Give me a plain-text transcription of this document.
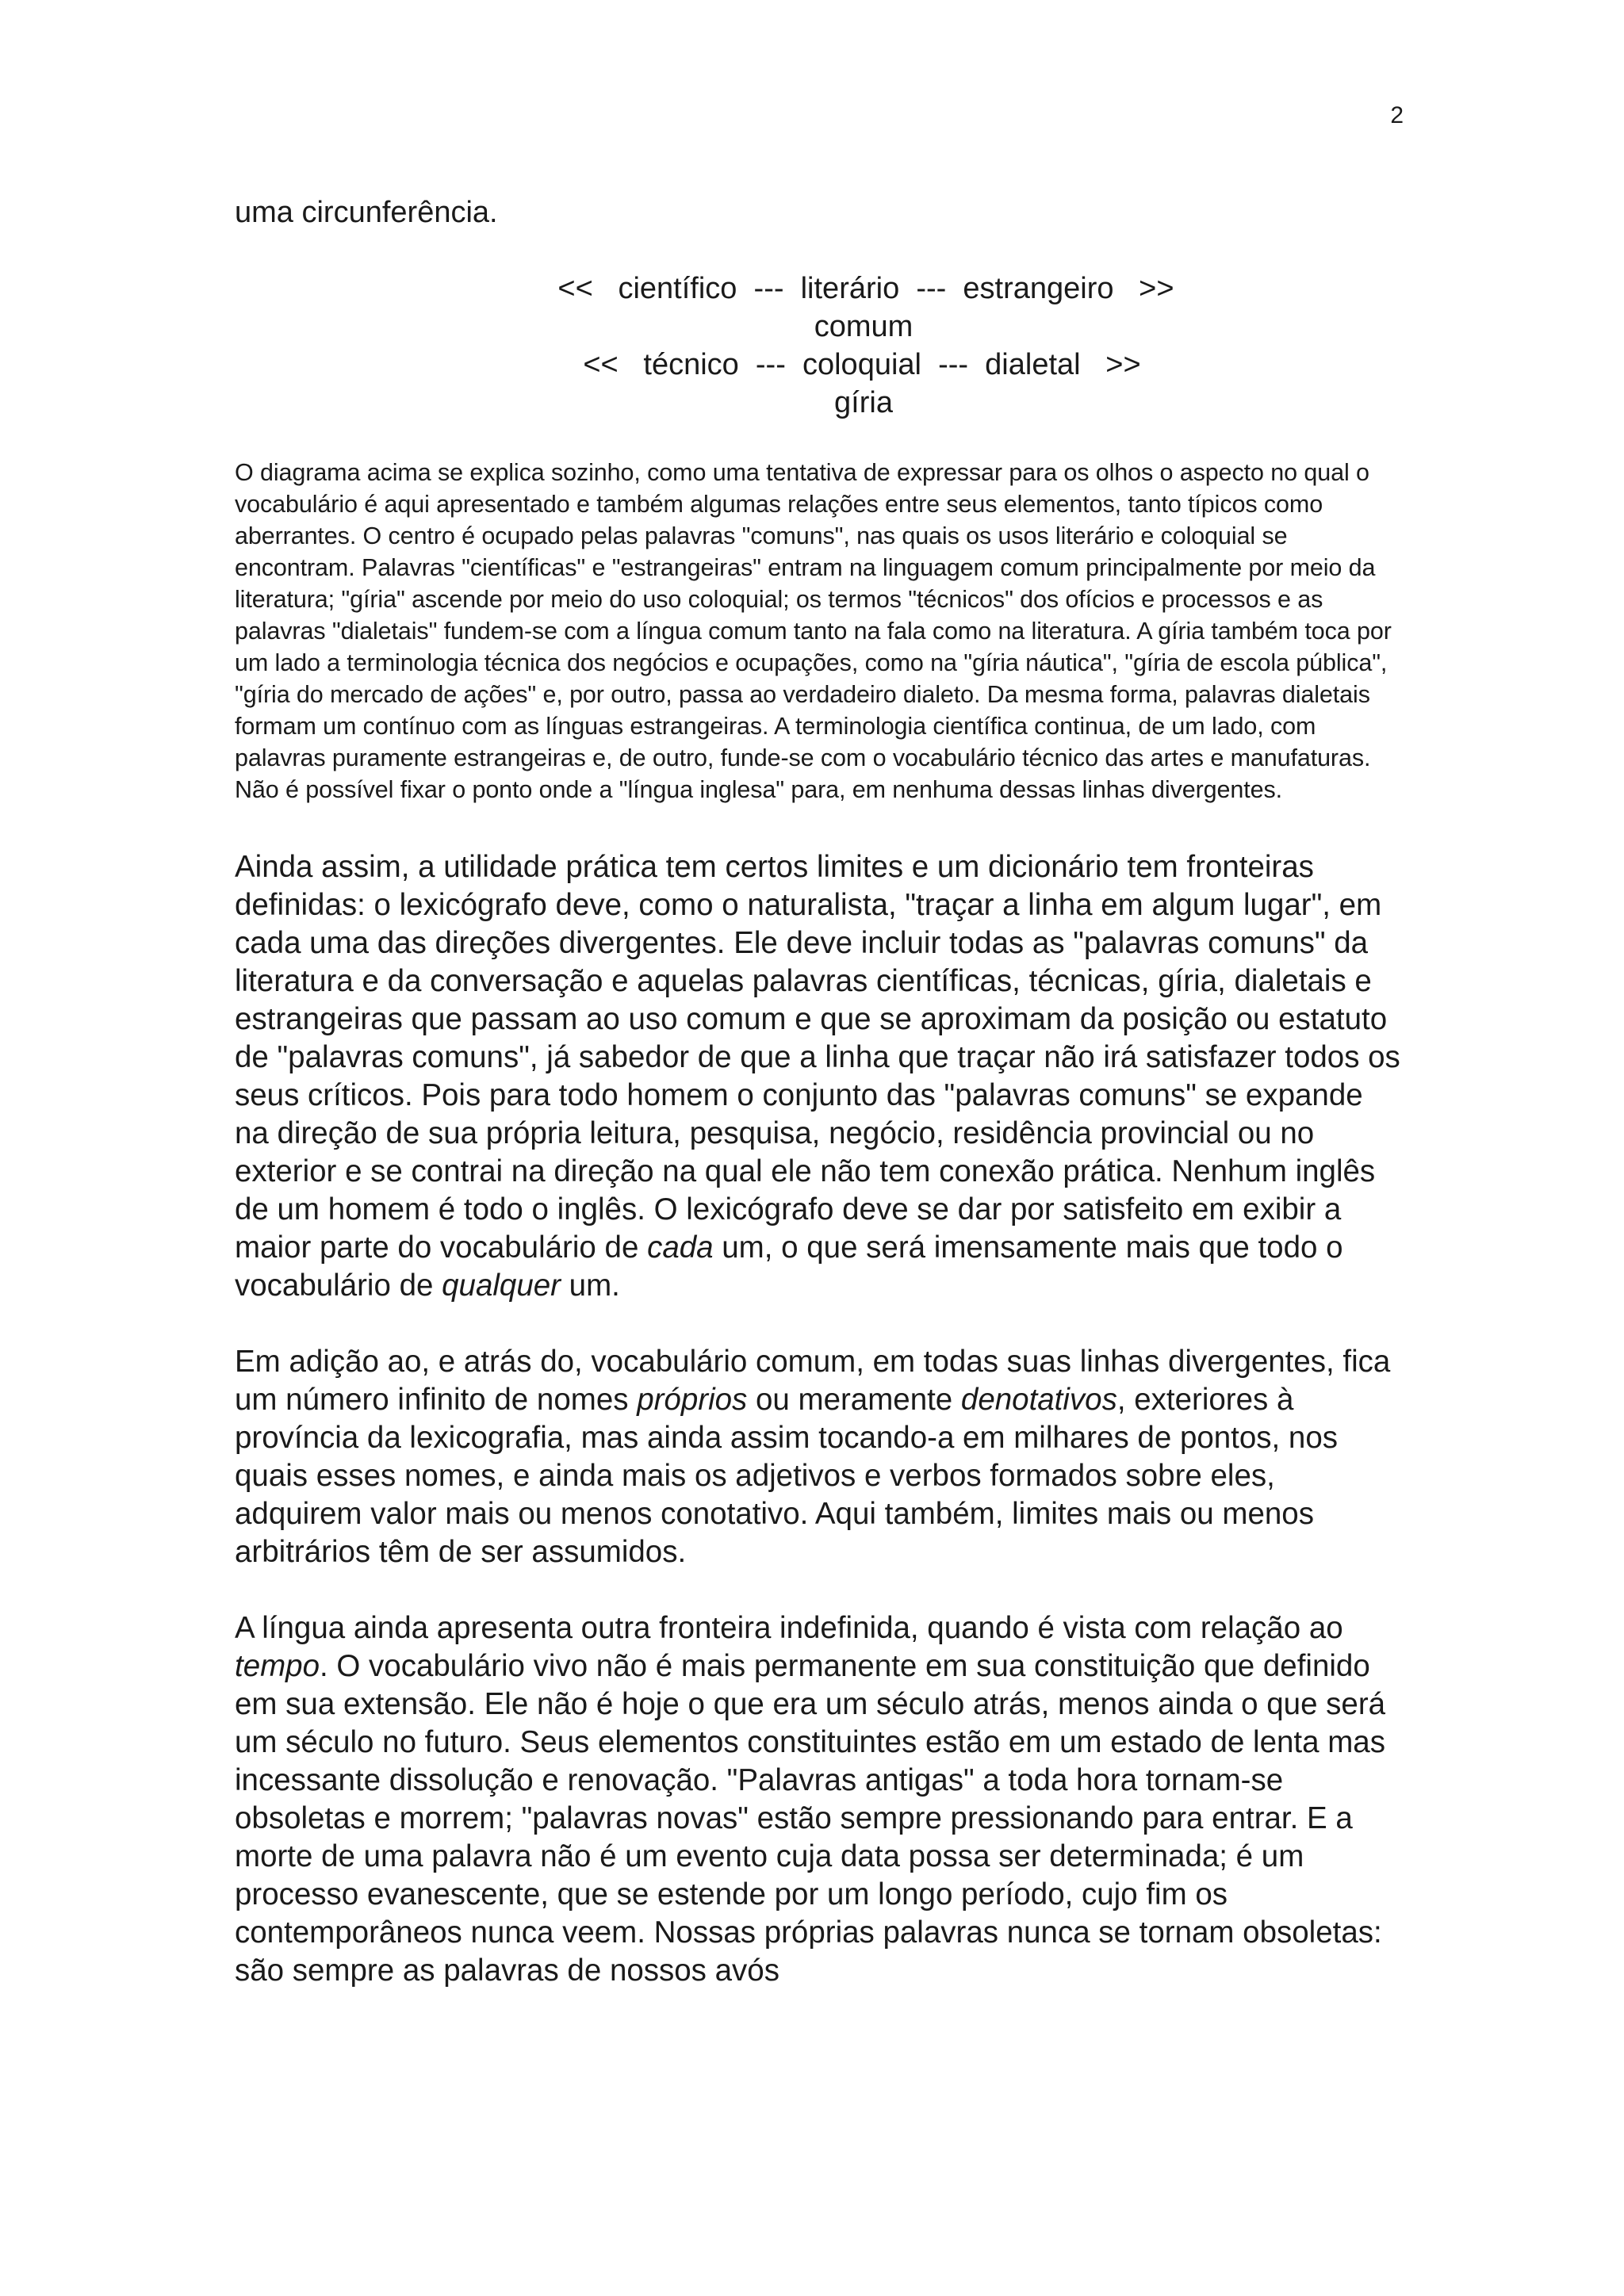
2

uma circunferência.

<<   científico  ---  literário  ---  estrangeiro   >>
comum
<<   técnico  ---  coloquial  ---  dialetal   >>
gíria

O diagrama acima se explica sozinho, como uma tentativa de expressar para os olhos o aspecto no qual o vocabulário é aqui apresentado e também algumas relações entre seus elementos, tanto típicos como aberrantes. O centro é ocupado pelas palavras "comuns", nas quais os usos literário e coloquial se encontram. Palavras "científicas" e "estrangeiras" entram na linguagem comum principalmente por meio da literatura; "gíria" ascende por meio do uso coloquial; os termos "técnicos" dos ofícios e processos e as palavras "dialetais" fundem-se com a língua comum tanto na fala como na literatura. A gíria também toca por um lado a terminologia técnica dos negócios e ocupações, como na "gíria náutica", "gíria de escola pública", "gíria do mercado de ações" e, por outro, passa ao verdadeiro dialeto. Da mesma forma, palavras dialetais formam um contínuo com as línguas estrangeiras. A terminologia científica continua, de um lado, com palavras puramente estrangeiras e, de outro, funde-se com o vocabulário técnico das artes e manufaturas. Não é possível fixar o ponto onde a "língua inglesa" para, em nenhuma dessas linhas divergentes.

Ainda assim, a utilidade prática tem certos limites e um dicionário tem fronteiras definidas: o lexicógrafo deve, como o naturalista, "traçar a linha em algum lugar", em cada uma das direções divergentes. Ele deve incluir todas as "palavras comuns" da literatura e da conversação e aquelas palavras científicas, técnicas, gíria, dialetais e estrangeiras que passam ao uso comum e que se aproximam da posição ou estatuto de "palavras comuns", já sabedor de que a linha que traçar não irá satisfazer todos os seus críticos. Pois para todo homem o conjunto das "palavras comuns" se expande na direção de sua própria leitura, pesquisa, negócio, residência provincial ou no exterior e se contrai na direção na qual ele não tem conexão prática. Nenhum inglês de um homem é todo o inglês. O lexicógrafo deve se dar por satisfeito em exibir a maior parte do vocabulário de cada um, o que será imensamente mais que todo o vocabulário de qualquer um.

Em adição ao, e atrás do, vocabulário comum, em todas suas linhas divergentes, fica um número infinito de nomes próprios ou meramente denotativos, exteriores à província da lexicografia, mas ainda assim tocando-a em milhares de pontos, nos quais esses nomes, e ainda mais os adjetivos e verbos formados sobre eles, adquirem valor mais ou menos conotativo. Aqui também, limites mais ou menos arbitrários têm de ser assumidos.

A língua ainda apresenta outra fronteira indefinida, quando é vista com relação ao tempo. O vocabulário vivo não é mais permanente em sua constituição que definido em sua extensão. Ele não é hoje o que era um século atrás, menos ainda o que será um século no futuro. Seus elementos constituintes estão em um estado de lenta mas incessante dissolução e renovação. "Palavras antigas" a toda hora tornam-se obsoletas e morrem; "palavras novas" estão sempre pressionando para entrar. E a morte de uma palavra não é um evento cuja data possa ser determinada; é um processo evanescente, que se estende por um longo período, cujo fim os contemporâneos nunca veem. Nossas próprias palavras nunca se tornam obsoletas: são sempre as palavras de nossos avós
